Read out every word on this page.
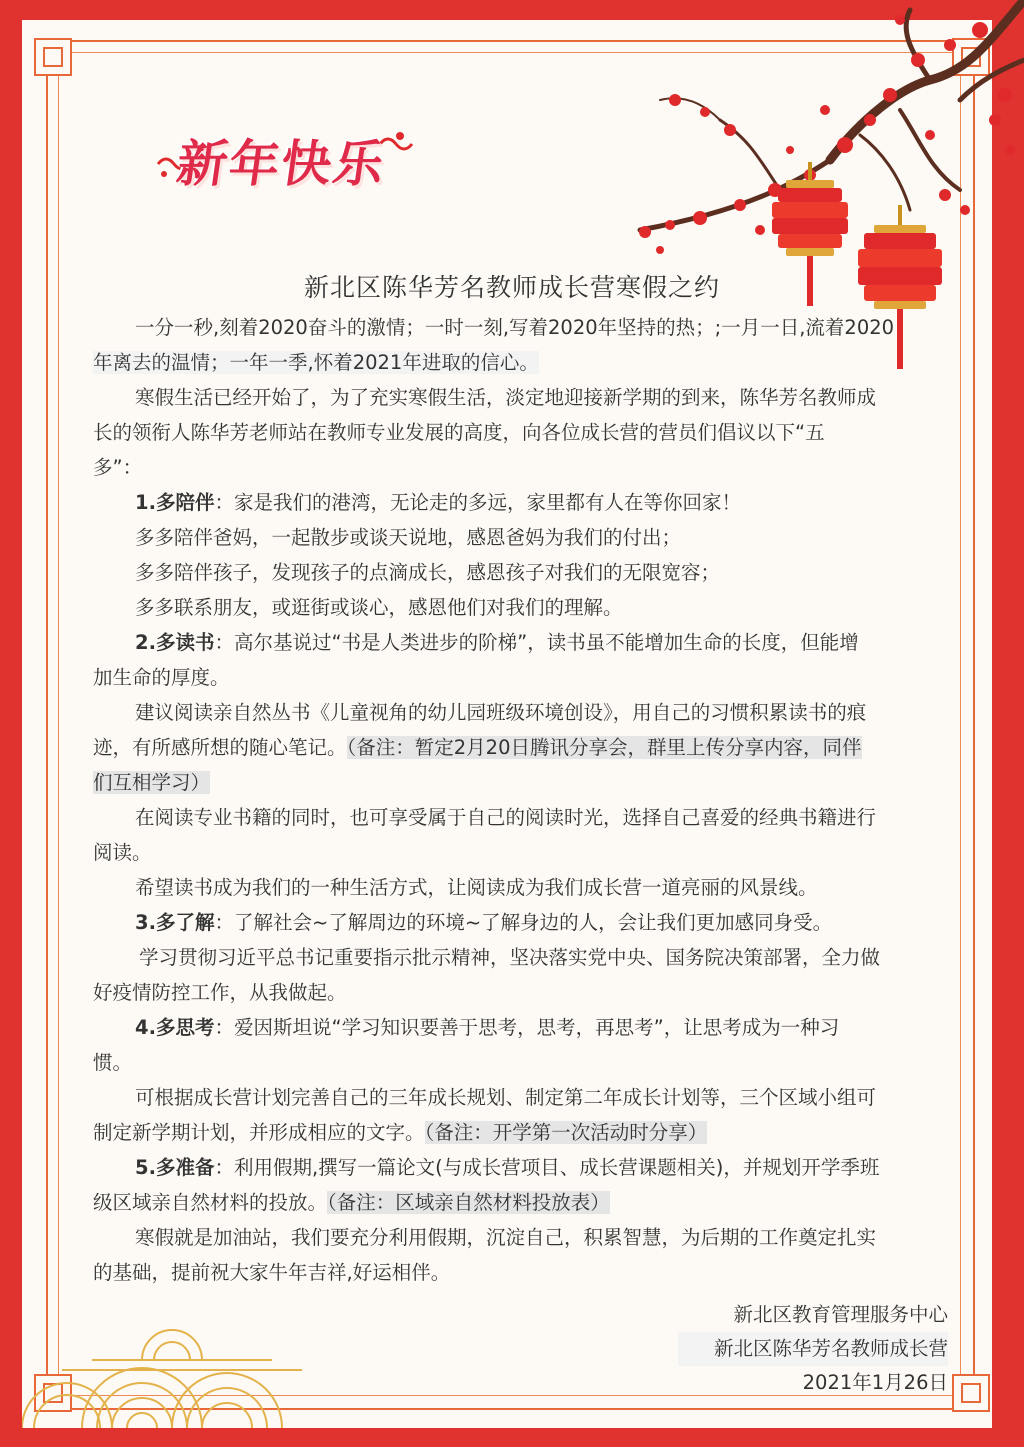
新年快乐
新北区陈华芳名教师成长营寒假之约
一分一秒,刻着2020奋斗的激情；一时一刻,写着2020年坚持的热；;一月一日,流着2020
年离去的温情；一年一季,怀着2021年进取的信心。
寒假生活已经开始了，为了充实寒假生活，淡定地迎接新学期的到来，陈华芳名教师成
长的领衔人陈华芳老师站在教师专业发展的高度，向各位成长营的营员们倡议以下“五
多”：
1.多陪伴：家是我们的港湾，无论走的多远，家里都有人在等你回家！
多多陪伴爸妈，一起散步或谈天说地，感恩爸妈为我们的付出；
多多陪伴孩子，发现孩子的点滴成长，感恩孩子对我们的无限宽容；
多多联系朋友，或逛街或谈心，感恩他们对我们的理解。
2.多读书：高尔基说过“书是人类进步的阶梯”，读书虽不能增加生命的长度，但能增
加生命的厚度。
建议阅读亲自然丛书《儿童视角的幼儿园班级环境创设》，用自己的习惯积累读书的痕
迹，有所感所想的随心笔记。（备注：暂定2月20日腾讯分享会，群里上传分享内容，同伴
们互相学习）
在阅读专业书籍的同时，也可享受属于自己的阅读时光，选择自己喜爱的经典书籍进行
阅读。
希望读书成为我们的一种生活方式，让阅读成为我们成长营一道亮丽的风景线。
3.多了解：了解社会~了解周边的环境~了解身边的人，会让我们更加感同身受。
学习贯彻习近平总书记重要指示批示精神，坚决落实党中央、国务院决策部署，全力做
好疫情防控工作，从我做起。
4.多思考：爱因斯坦说“学习知识要善于思考，思考，再思考”，让思考成为一种习
惯。
可根据成长营计划完善自己的三年成长规划、制定第二年成长计划等，三个区域小组可
制定新学期计划，并形成相应的文字。（备注：开学第一次活动时分享）
5.多准备：利用假期,撰写一篇论文(与成长营项目、成长营课题相关)，并规划开学季班
级区域亲自然材料的投放。（备注：区域亲自然材料投放表）
寒假就是加油站，我们要充分利用假期，沉淀自己，积累智慧，为后期的工作奠定扎实
的基础，提前祝大家牛年吉祥,好运相伴。
新北区教育管理服务中心
新北区陈华芳名教师成长营
2021年1月26日
